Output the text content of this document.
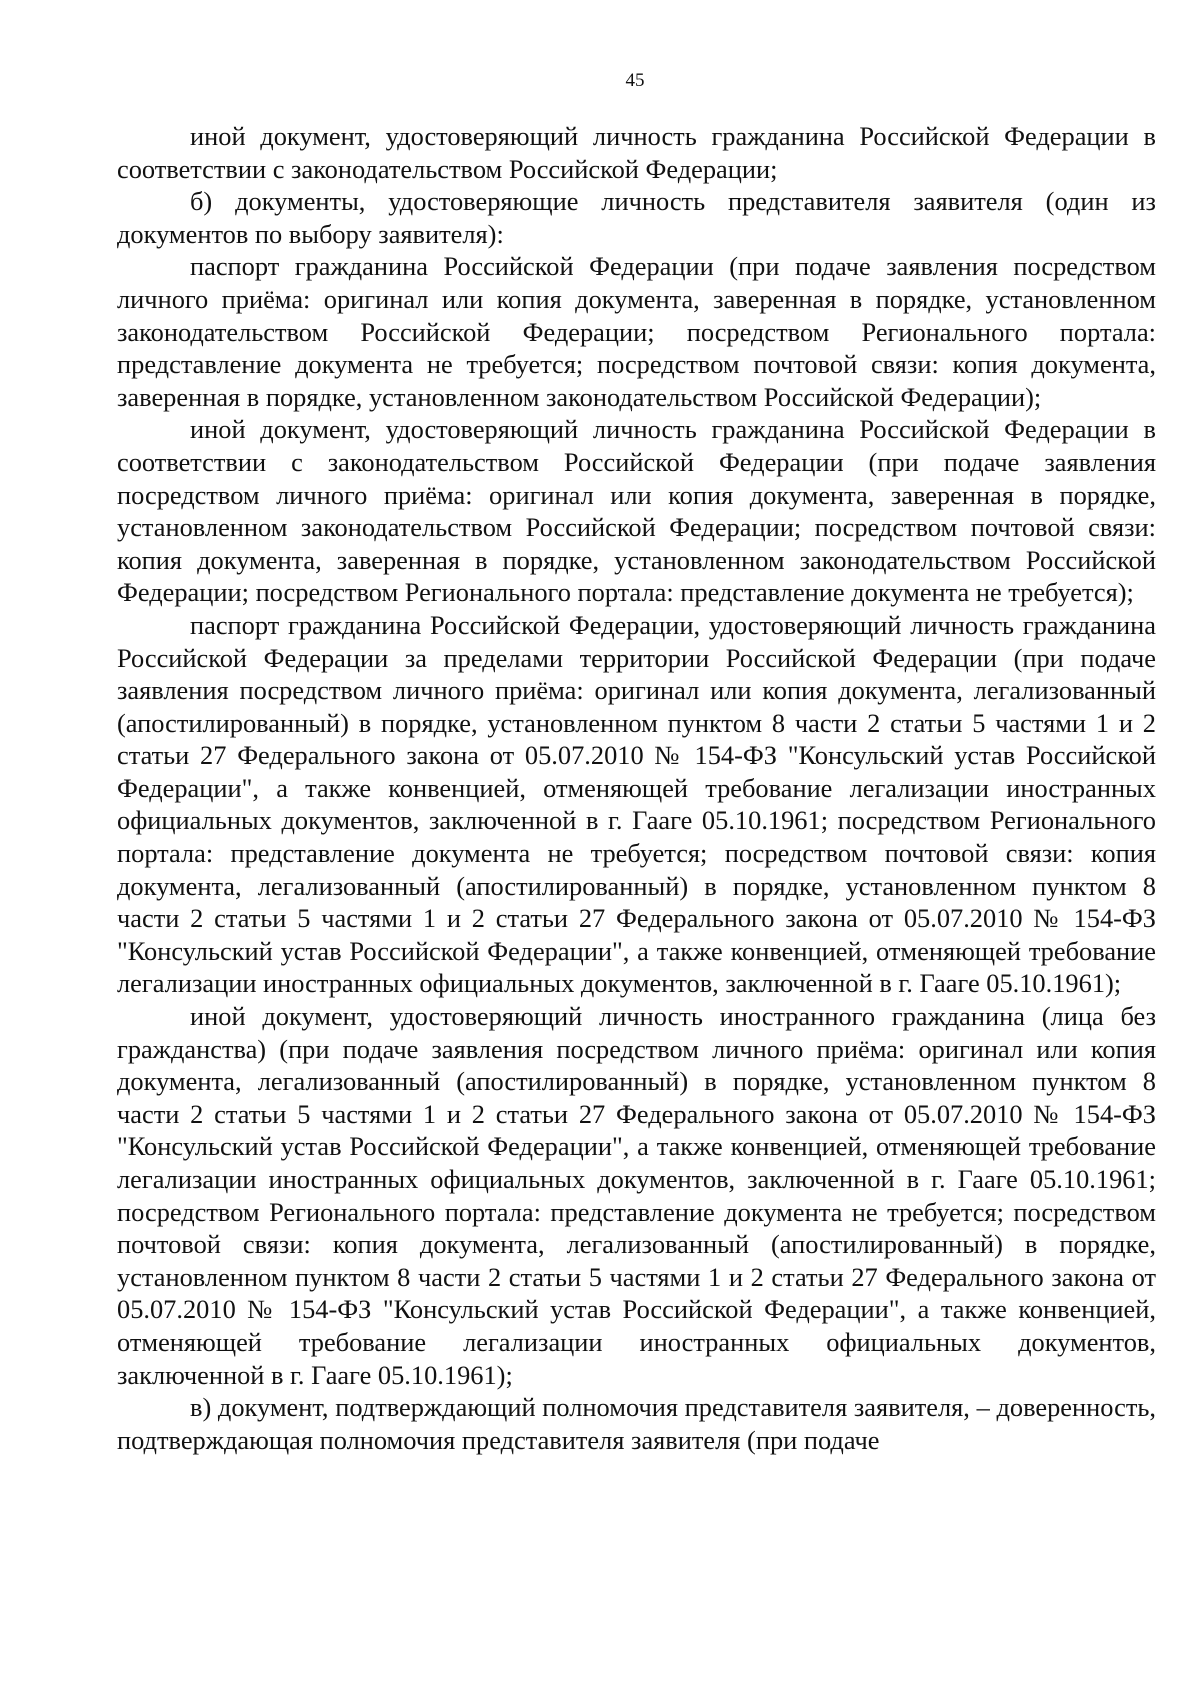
45

иной документ, удостоверяющий личность гражданина Российской Федерации в соответствии с законодательством Российской Федерации;

б) документы, удостоверяющие личность представителя заявителя (один из документов по выбору заявителя):

паспорт гражданина Российской Федерации (при подаче заявления посредством личного приёма: оригинал или копия документа, заверенная в порядке, установленном законодательством Российской Федерации; посредством Регионального портала: представление документа не требуется; посредством почтовой связи: копия документа, заверенная в порядке, установленном законодательством Российской Федерации);

иной документ, удостоверяющий личность гражданина Российской Федерации в соответствии с законодательством Российской Федерации (при подаче заявления посредством личного приёма: оригинал или копия документа, заверенная в порядке, установленном законодательством Российской Федерации; посредством почтовой связи: копия документа, заверенная в порядке, установленном законодательством Российской Федерации; посредством Регионального портала: представление документа не требуется);

паспорт гражданина Российской Федерации, удостоверяющий личность гражданина Российской Федерации за пределами территории Российской Федерации (при подаче заявления посредством личного приёма: оригинал или копия документа, легализованный (апостилированный) в порядке, установленном пунктом 8 части 2 статьи 5 частями 1 и 2 статьи 27 Федерального закона от 05.07.2010 № 154-ФЗ "Консульский устав Российской Федерации", а также конвенцией, отменяющей требование легализации иностранных официальных документов, заключенной в г. Гааге 05.10.1961; посредством Регионального портала: представление документа не требуется; посредством почтовой связи: копия документа, легализованный (апостилированный) в порядке, установленном пунктом 8 части 2 статьи 5 частями 1 и 2 статьи 27 Федерального закона от 05.07.2010 № 154-ФЗ "Консульский устав Российской Федерации", а также конвенцией, отменяющей требование легализации иностранных официальных документов, заключенной в г. Гааге 05.10.1961);

иной документ, удостоверяющий личность иностранного гражданина (лица без гражданства) (при подаче заявления посредством личного приёма: оригинал или копия документа, легализованный (апостилированный) в порядке, установленном пунктом 8 части 2 статьи 5 частями 1 и 2 статьи 27 Федерального закона от 05.07.2010 № 154-ФЗ "Консульский устав Российской Федерации", а также конвенцией, отменяющей требование легализации иностранных официальных документов, заключенной в г. Гааге 05.10.1961; посредством Регионального портала: представление документа не требуется; посредством почтовой связи: копия документа, легализованный (апостилированный) в порядке, установленном пунктом 8 части 2 статьи 5 частями 1 и 2 статьи 27 Федерального закона от 05.07.2010 № 154-ФЗ "Консульский устав Российской Федерации", а также конвенцией, отменяющей требование легализации иностранных официальных документов, заключенной в г. Гааге 05.10.1961);

в) документ, подтверждающий полномочия представителя заявителя, – доверенность, подтверждающая полномочия представителя заявителя (при подаче
